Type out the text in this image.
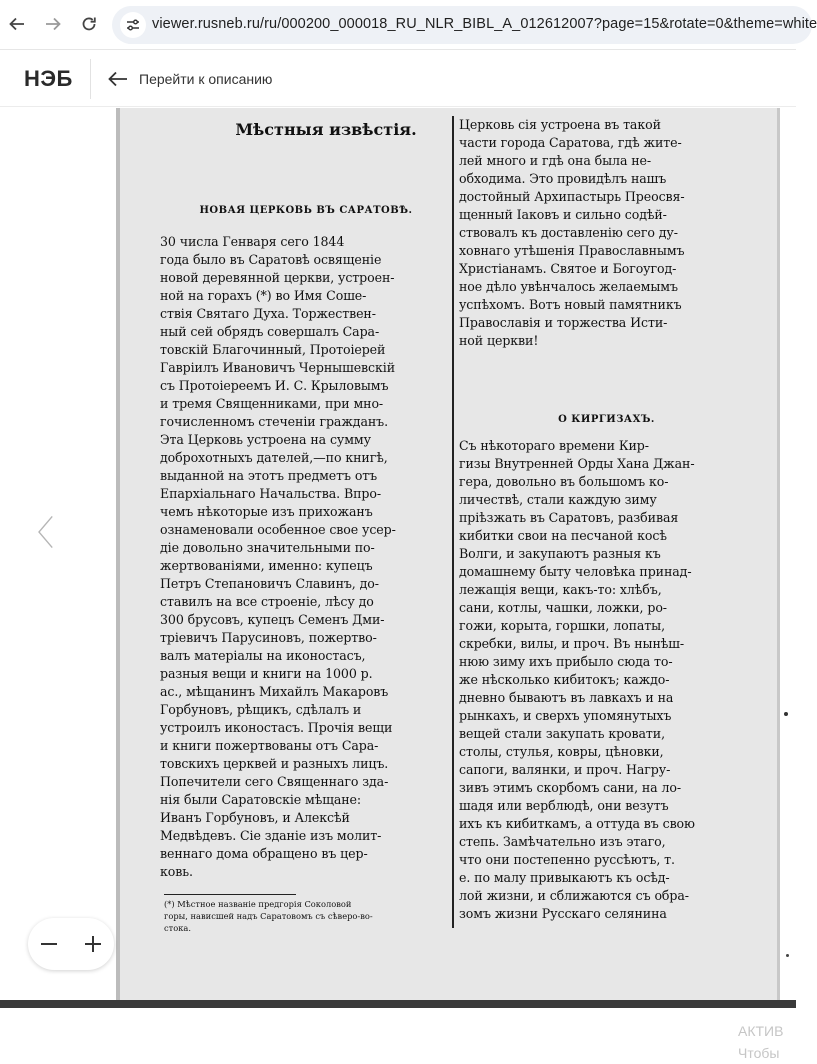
viewer.rusneb.ru/ru/000200_000018_RU_NLR_BIBL_A_012612007?page=15&rotate=0&theme=white
НЭБ	Перейти к описанию
〈
Мѣстныя извѣстія.
НОВАЯ ЦЕРКОВЬ ВЪ САРАТОВѢ.
30 числа Генваря сего 1844
года было въ Саратовѣ освященіе
новой деревянной церкви, устроен-
ной на горахъ (*) во Имя Соше-
ствія Святаго Духа. Торжествен-
ный сей обрядъ совершалъ Сара-
товскій Благочинный, Протоіерей
Гавріилъ Ивановичъ Чернышевскій
съ Протоіереемъ И. С. Крыловымъ
и тремя Священниками, при мно-
гочисленномъ стеченіи гражданъ.
Эта Церковь устроена на сумму
доброхотныхъ дателей,—по книгѣ,
выданной на этотъ предметъ отъ
Епархіальнаго Начальства. Впро-
чемъ нѣкоторые изъ прихожанъ
ознаменовали особенное свое усер-
діе довольно значительными по-
жертвованіями, именно: купецъ
Петръ Степановичъ Славинъ, до-
ставилъ на все строеніе, лѣсу до
300 брусовъ, купецъ Семенъ Дми-
тріевичъ Парусиновъ, пожертво-
валъ матеріалы на иконостасъ,
разныя вещи и книги на 1000 р.
ас., мѣщанинъ Михайлъ Макаровъ
Горбуновъ, рѣщикъ, сдѣлалъ и
устроилъ иконостасъ. Прочія вещи
и книги пожертвованы отъ Сара-
товскихъ церквей и разныхъ лицъ.
Попечители сего Священнаго зда-
нія были Саратовскіе мѣщане:
Иванъ Горбуновъ, и Алексѣй
Медвѣдевъ. Сіе зданіе изъ молит-
веннаго дома обращено въ цер-
ковь.
Церковь сія устроена въ такой
части города Саратова, гдѣ жите-
лей много и гдѣ она была не-
обходима. Это провидѣлъ нашъ
достойный Архипастырь Преосвя-
щенный Іаковъ и сильно содѣй-
ствовалъ къ доставленію сего ду-
ховнаго утѣшенія Православнымъ
Христіанамъ. Святое и Богоугод-
ное дѣло увѣнчалось желаемымъ
успѣхомъ. Вотъ новый памятникъ
Православія и торжества Исти-
ной церкви!
О КИРГИЗАХЪ.
Съ нѣкотораго времени Кир-
гизы Внутренней Орды Хана Джан-
гера, довольно въ большомъ ко-
личествѣ, стали каждую зиму
пріѣзжать въ Саратовъ, разбивая
кибитки свои на песчаной косѣ
Волги, и закупаютъ разныя къ
домашнему быту человѣка принад-
лежащія вещи, какъ-то: хлѣбъ,
сани, котлы, чашки, ложки, ро-
гожи, корыта, горшки, лопаты,
скребки, вилы, и проч. Въ нынѣш-
нюю зиму ихъ прибыло сюда то-
же нѣсколько кибитокъ; каждо-
дневно бываютъ въ лавкахъ и на
рынкахъ, и сверхъ упомянутыхъ
вещей стали закупать кровати,
столы, стулья, ковры, цѣновки,
сапоги, валянки, и проч. Нагру-
зивъ этимъ скорбомъ сани, на ло-
шадя или верблюдѣ, они везутъ
ихъ къ кибиткамъ, а оттуда въ свою
степь. Замѣчательно изъ этаго,
что они постепенно руссѣютъ, т.
е. по малу привыкаютъ къ осѣд-
лой жизни, и сближаются съ обра-
зомъ жизни Русскаго селянина
(*) Мѣстное названіе предгорія Соколовой
горы, нависшей надъ Саратовомъ съ сѣверо-во-
стока.
АКТИВ
Чтобы
